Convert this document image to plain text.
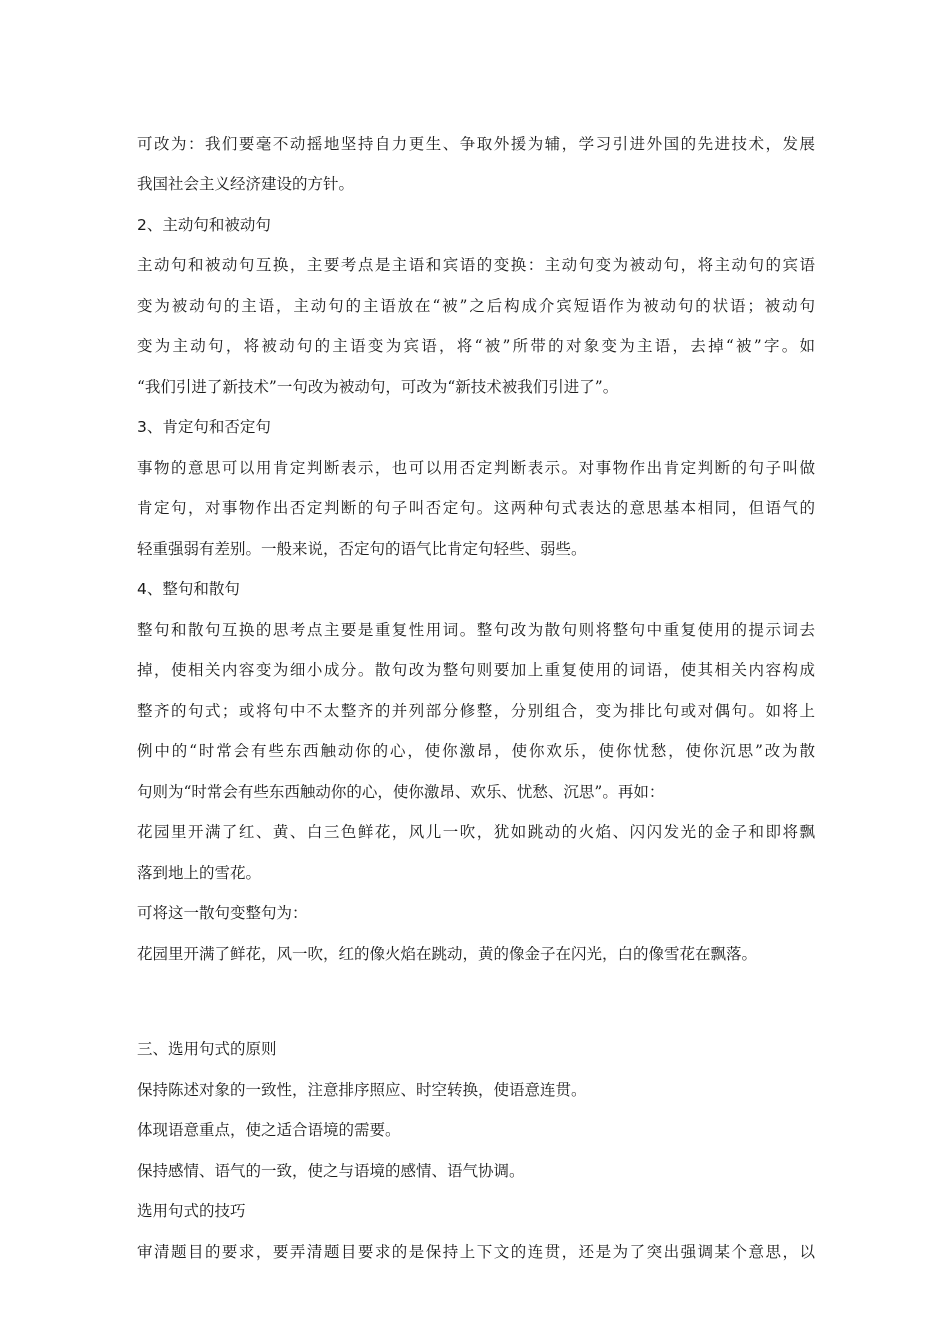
可改为：我们要毫不动摇地坚持自力更生、争取外援为辅，学习引进外国的先进技术，发展

我国社会主义经济建设的方针。

2、主动句和被动句

主动句和被动句互换，主要考点是主语和宾语的变换：主动句变为被动句，将主动句的宾语

变为被动句的主语，主动句的主语放在“被”之后构成介宾短语作为被动句的状语；被动句

变为主动句，将被动句的主语变为宾语，将“被”所带的对象变为主语，去掉“被”字。如

“我们引进了新技术”一句改为被动句，可改为“新技术被我们引进了”。

3、肯定句和否定句

事物的意思可以用肯定判断表示，也可以用否定判断表示。对事物作出肯定判断的句子叫做

肯定句，对事物作出否定判断的句子叫否定句。这两种句式表达的意思基本相同，但语气的

轻重强弱有差别。一般来说，否定句的语气比肯定句轻些、弱些。

4、整句和散句

整句和散句互换的思考点主要是重复性用词。整句改为散句则将整句中重复使用的提示词去

掉，使相关内容变为细小成分。散句改为整句则要加上重复使用的词语，使其相关内容构成

整齐的句式；或将句中不太整齐的并列部分修整，分别组合，变为排比句或对偶句。如将上

例中的“时常会有些东西触动你的心，使你激昂，使你欢乐，使你忧愁，使你沉思”改为散

句则为“时常会有些东西触动你的心，使你激昂、欢乐、忧愁、沉思”。再如：

花园里开满了红、黄、白三色鲜花，风儿一吹，犹如跳动的火焰、闪闪发光的金子和即将飘

落到地上的雪花。

可将这一散句变整句为：

花园里开满了鲜花，风一吹，红的像火焰在跳动，黄的像金子在闪光，白的像雪花在飘落。

三、选用句式的原则

保持陈述对象的一致性，注意排序照应、时空转换，使语意连贯。

体现语意重点，使之适合语境的需要。

保持感情、语气的一致，使之与语境的感情、语气协调。

选用句式的技巧

审清题目的要求，要弄清题目要求的是保持上下文的连贯，还是为了突出强调某个意思，以
